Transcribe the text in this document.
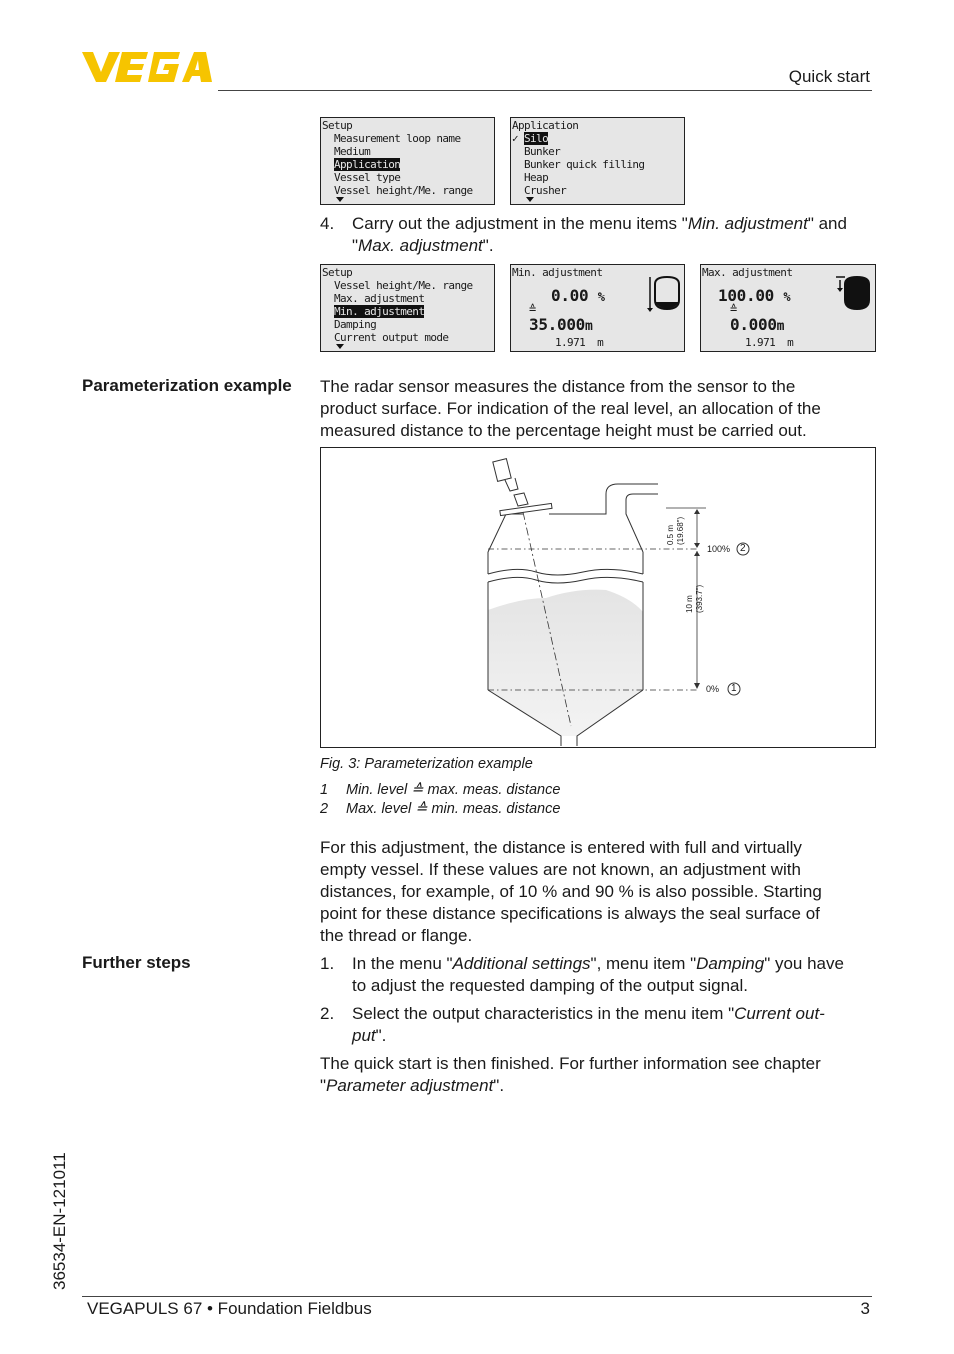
Quick start
Setup
Measurement loop name
Medium
Application
Vessel type
Vessel height/Me. range
Application
✓ Silo
Bunker
Bunker quick filling
Heap
Crusher
4. Carry out the adjustment in the menu items "Min. adjustment" and "Max. adjustment".
Setup
Vessel height/Me. range
Max. adjustment
Min. adjustment
Damping
Current output mode
Min. adjustment
0.00 %
≙
35.000m
1.971  m
Max. adjustment
100.00 %
≙
0.000m
1.971  m
Parameterization example The radar sensor measures the distance from the sensor to the
product surface. For indication of the real level, an allocation of the
measured distance to the percentage height must be carried out.
0.5 m (19.68")
10 m (393.7")
100% 2
0% 1
Fig. 3: Parameterization example
1 Min. level ≙ max. meas. distance
2 Max. level ≙ min. meas. distance
For this adjustment, the distance is entered with full and virtually
empty vessel. If these values are not known, an adjustment with
distances, for example, of 10 % and 90 % is also possible. Starting
point for these distance specifications is always the seal surface of
the thread or flange.
Further steps	1. In the menu "Additional settings", menu item "Damping" you have
to adjust the requested damping of the output signal.
2. Select the output characteristics in the menu item "Current out-
put".
The quick start is then finished. For further information see chapter
"Parameter adjustment".
36534-EN-121011
VEGAPULS 67 • Foundation Fieldbus	3
